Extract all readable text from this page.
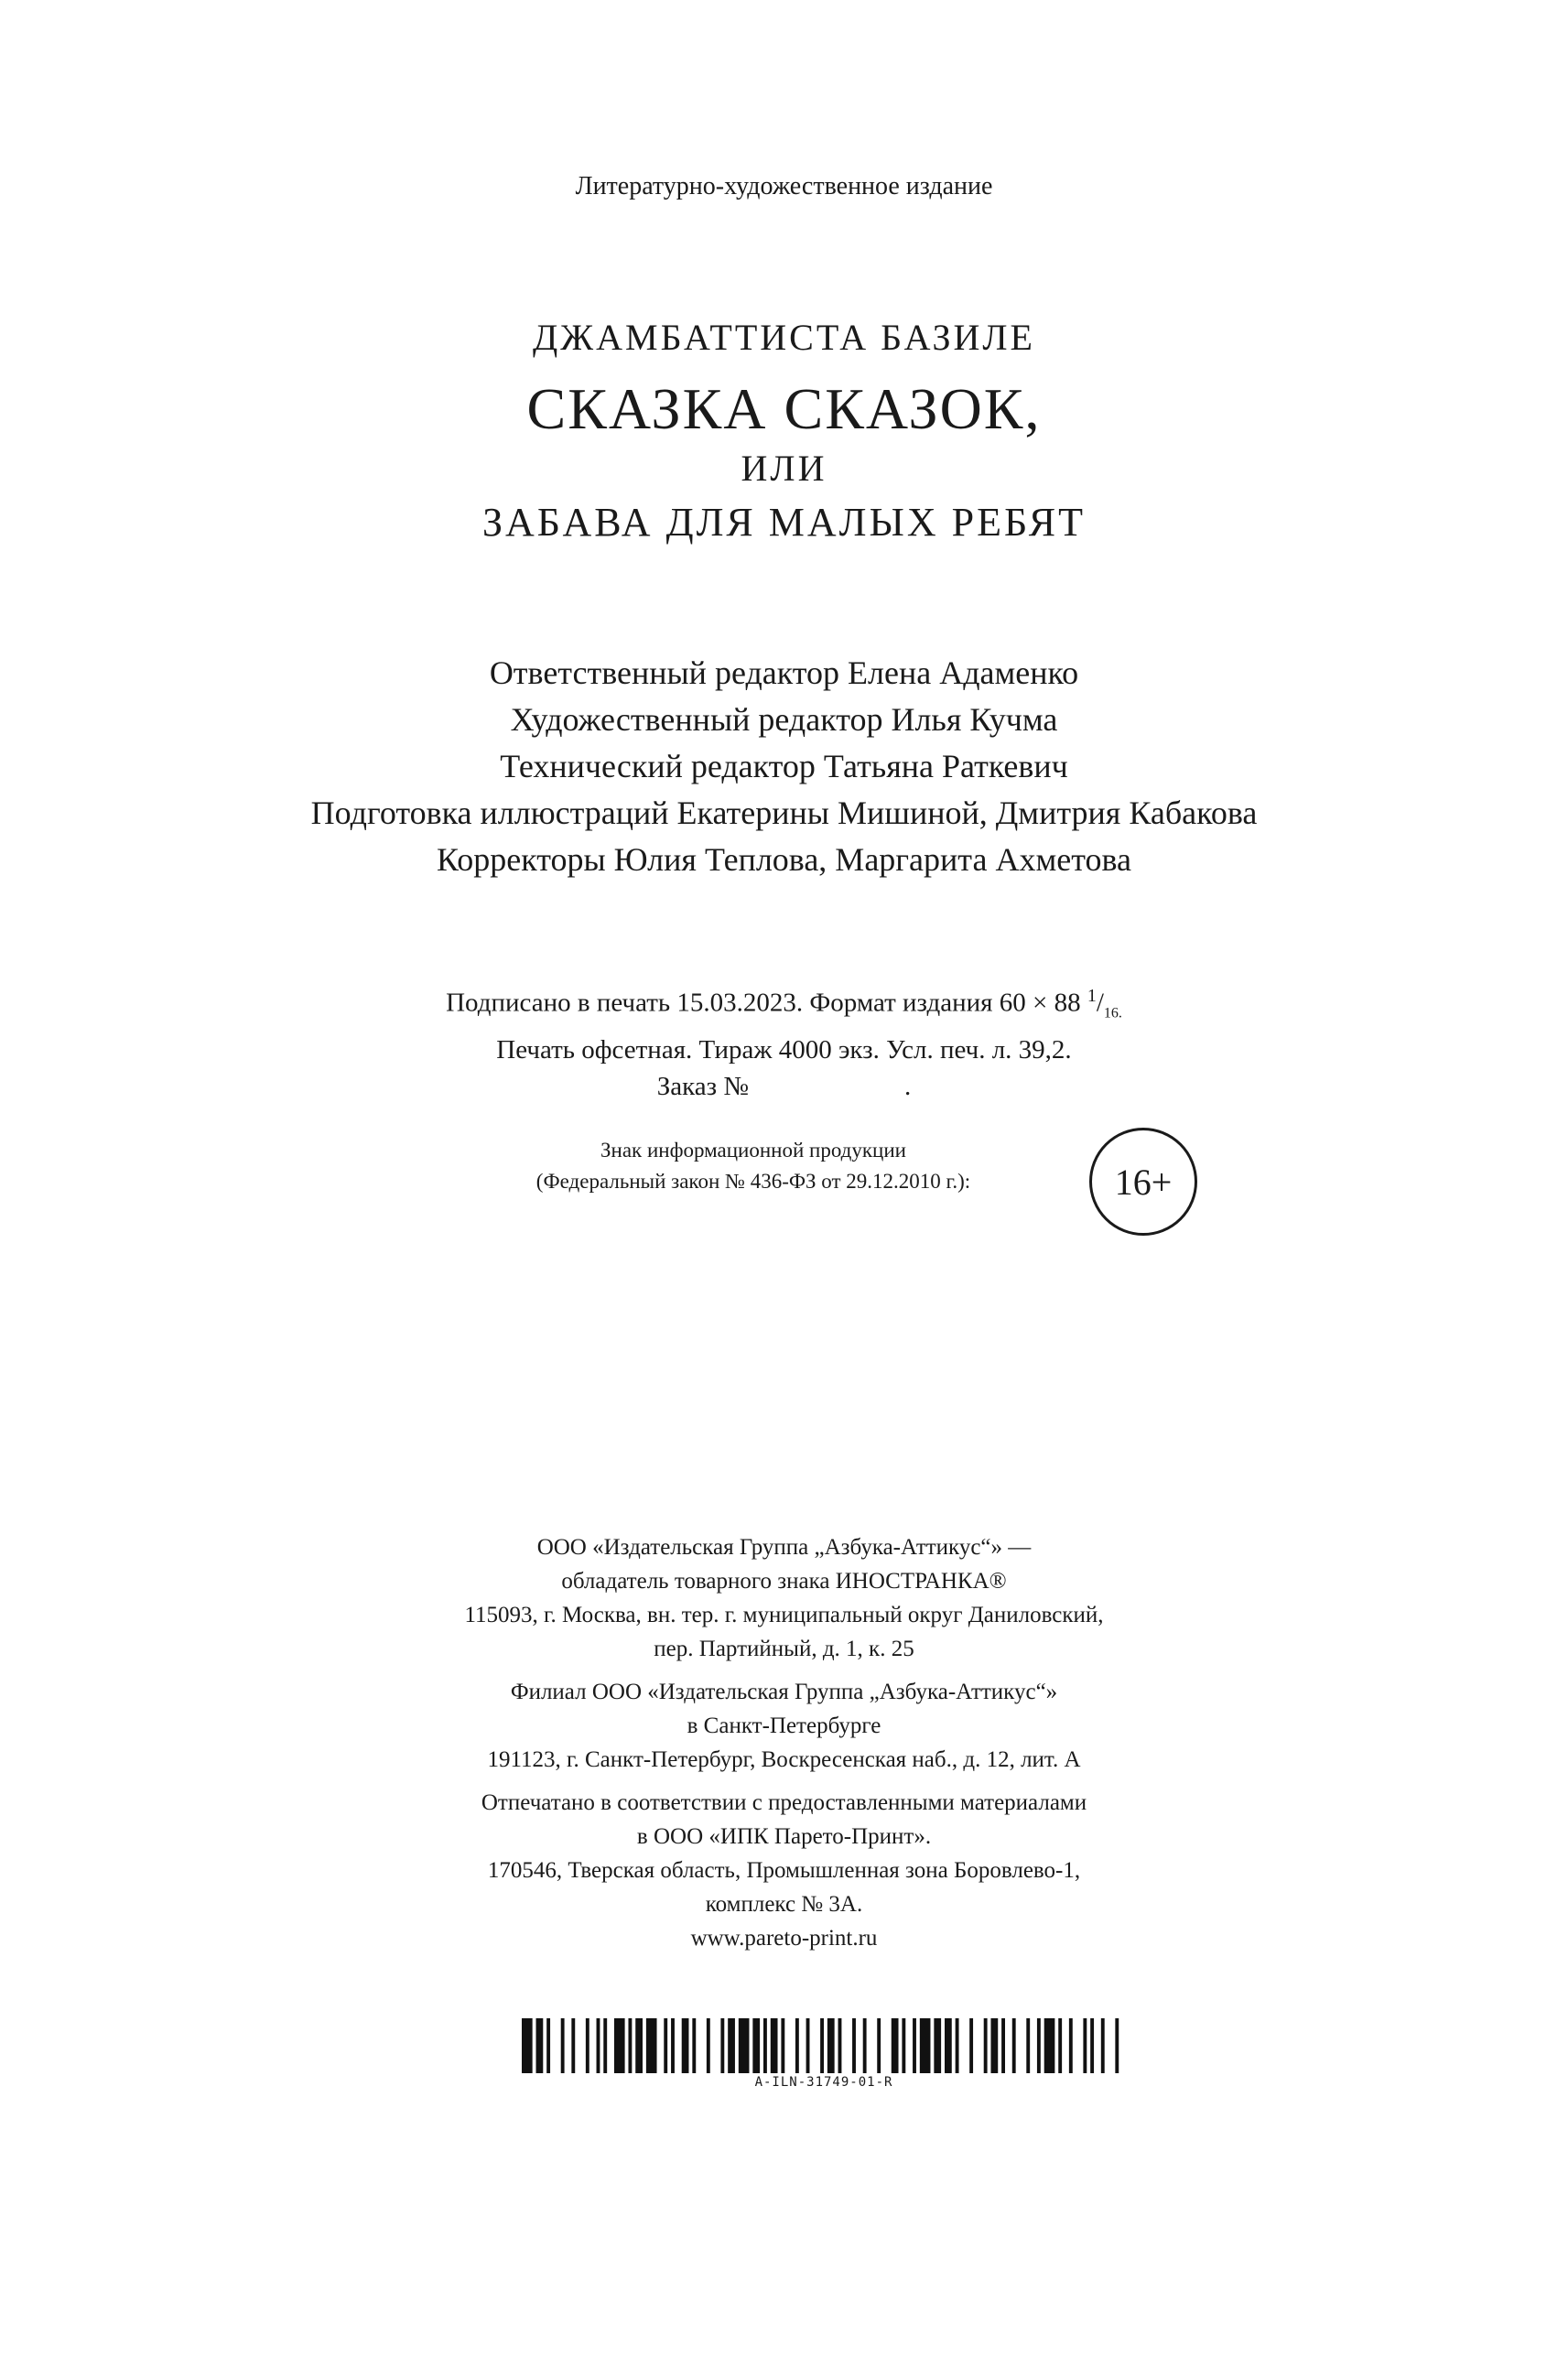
Литературно-художественное издание
ДЖАМБАТТИСТА БАЗИЛЕ
СКАЗКА СКАЗОК,
ИЛИ
ЗАБАВА ДЛЯ МАЛЫХ РЕБЯТ
Ответственный редактор Елена Адаменко
Художественный редактор Илья Кучма
Технический редактор Татьяна Раткевич
Подготовка иллюстраций Екатерины Мишиной, Дмитрия Кабакова
Корректоры Юлия Теплова, Маргарита Ахметова
Подписано в печать 15.03.2023. Формат издания 60 × 88 $^1/_{16.}$
Печать офсетная. Тираж 4000 экз. Усл. печ. л. 39,2.
Заказ №	.
Знак информационной продукции
(Федеральный закон № 436-ФЗ от 29.12.2010 г.):	16+
ООО «Издательская Группа „Азбука-Аттикус“» —
обладатель товарного знака ИНОСТРАНКА®
115093, г. Москва, вн. тер. г. муниципальный округ Даниловский,
пер. Партийный, д. 1, к. 25
Филиал ООО «Издательская Группа „Азбука-Аттикус“»
в Санкт-Петербурге
191123, г. Санкт-Петербург, Воскресенская наб., д. 12, лит. А
Отпечатано в соответствии с предоставленными материалами
в ООО «ИПК Парето-Принт».
170546, Тверская область, Промышленная зона Боровлево-1,
комплекс № 3А.
www.pareto-print.ru
A-ILN-31749-01-R
